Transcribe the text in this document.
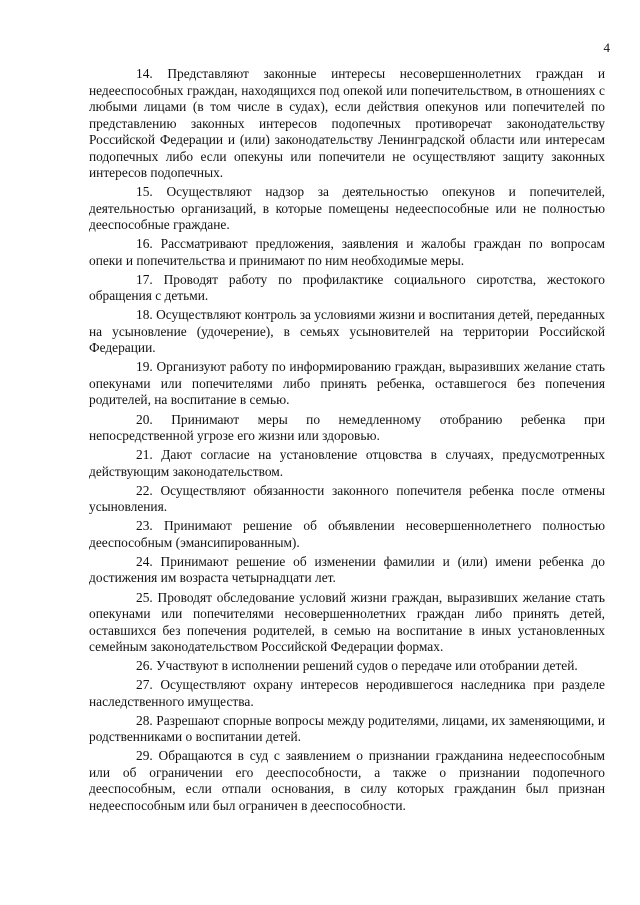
4

14. Представляют законные интересы несовершеннолетних граждан и недееспособных граждан, находящихся под опекой или попечительством, в отношениях с любыми лицами (в том числе в судах), если действия опекунов или попечителей по представлению законных интересов подопечных противоречат законодательству Российской Федерации и (или) законодательству Ленинградской области или интересам подопечных либо если опекуны или попечители не осуществляют защиту законных интересов подопечных.

15. Осуществляют надзор за деятельностью опекунов и попечителей, деятельностью организаций, в которые помещены недееспособные или не полностью дееспособные граждане.

16. Рассматривают предложения, заявления и жалобы граждан по вопросам опеки и попечительства и принимают по ним необходимые меры.

17. Проводят работу по профилактике социального сиротства, жестокого обращения с детьми.

18. Осуществляют контроль за условиями жизни и воспитания детей, переданных на усыновление (удочерение), в семьях усыновителей на территории Российской Федерации.

19. Организуют работу по информированию граждан, выразивших желание стать опекунами или попечителями либо принять ребенка, оставшегося без попечения родителей, на воспитание в семью.

20. Принимают меры по немедленному отобранию ребенка при непосредственной угрозе его жизни или здоровью.

21. Дают согласие на установление отцовства в случаях, предусмотренных действующим законодательством.

22. Осуществляют обязанности законного попечителя ребенка после отмены усыновления.

23. Принимают решение об объявлении несовершеннолетнего полностью дееспособным (эмансипированным).

24. Принимают решение об изменении фамилии и (или) имени ребенка до достижения им возраста четырнадцати лет.

25. Проводят обследование условий жизни граждан, выразивших желание стать опекунами или попечителями несовершеннолетних граждан либо принять детей, оставшихся без попечения родителей, в семью на воспитание в иных установленных семейным законодательством Российской Федерации формах.

26. Участвуют в исполнении решений судов о передаче или отобрании детей.

27. Осуществляют охрану интересов неродившегося наследника при разделе наследственного имущества.

28. Разрешают спорные вопросы между родителями, лицами, их заменяющими, и родственниками о воспитании детей.

29. Обращаются в суд с заявлением о признании гражданина недееспособным или об ограничении его дееспособности, а также о признании подопечного дееспособным, если отпали основания, в силу которых гражданин был признан недееспособным или был ограничен в дееспособности.
